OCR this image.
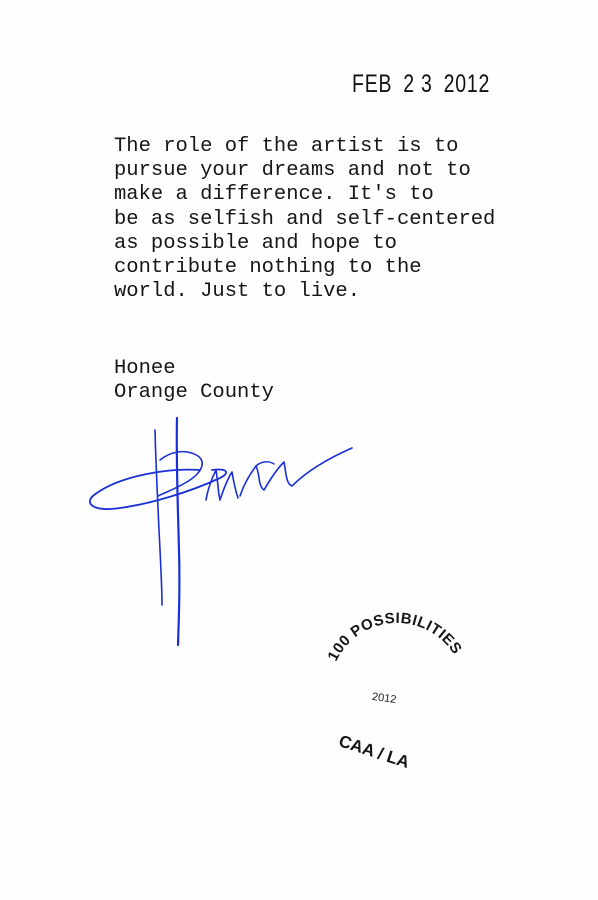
FEB 2 3 2012
The role of the artist is to
pursue your dreams and not to
make a difference. It's to
be as selfish and self-centered
as possible and hope to
contribute nothing to the
world. Just to live.
Honee
Orange County
100 POSSIBILITIES
2012
CAA / LA
